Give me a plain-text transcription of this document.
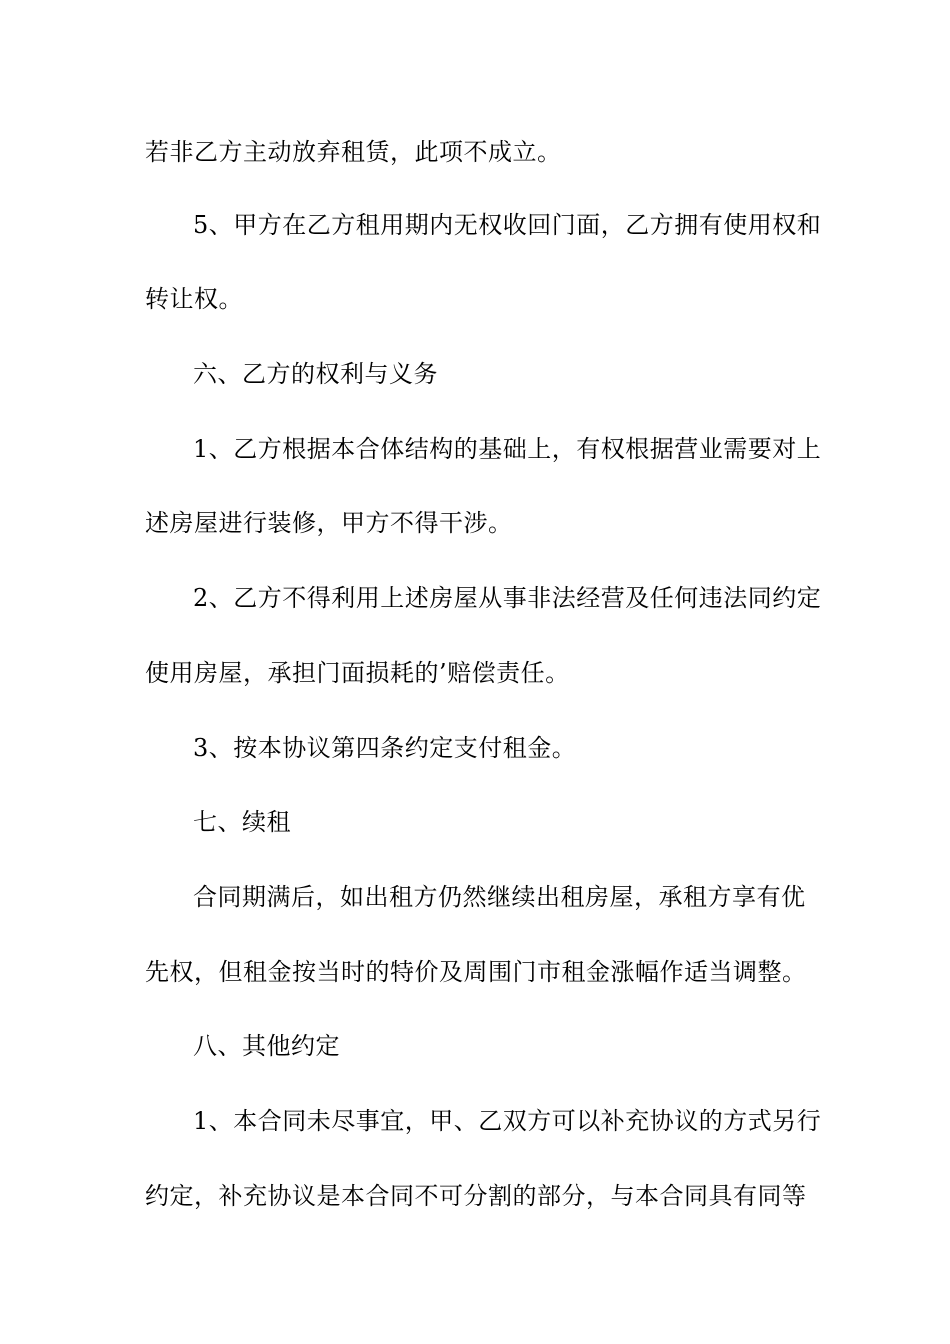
若非乙方主动放弃租赁，此项不成立。
5、甲方在乙方租用期内无权收回门面，乙方拥有使用权和
转让权。
六、乙方的权利与义务
1、乙方根据本合体结构的基础上，有权根据营业需要对上
述房屋进行装修，甲方不得干涉。
2、乙方不得利用上述房屋从事非法经营及任何违法同约定
使用房屋，承担门面损耗的’赔偿责任。
3、按本协议第四条约定支付租金。
七、续租
合同期满后，如出租方仍然继续出租房屋，承租方享有优
先权，但租金按当时的特价及周围门市租金涨幅作适当调整。
八、其他约定
1、本合同未尽事宜，甲、乙双方可以补充协议的方式另行
约定，补充协议是本合同不可分割的部分，与本合同具有同等
